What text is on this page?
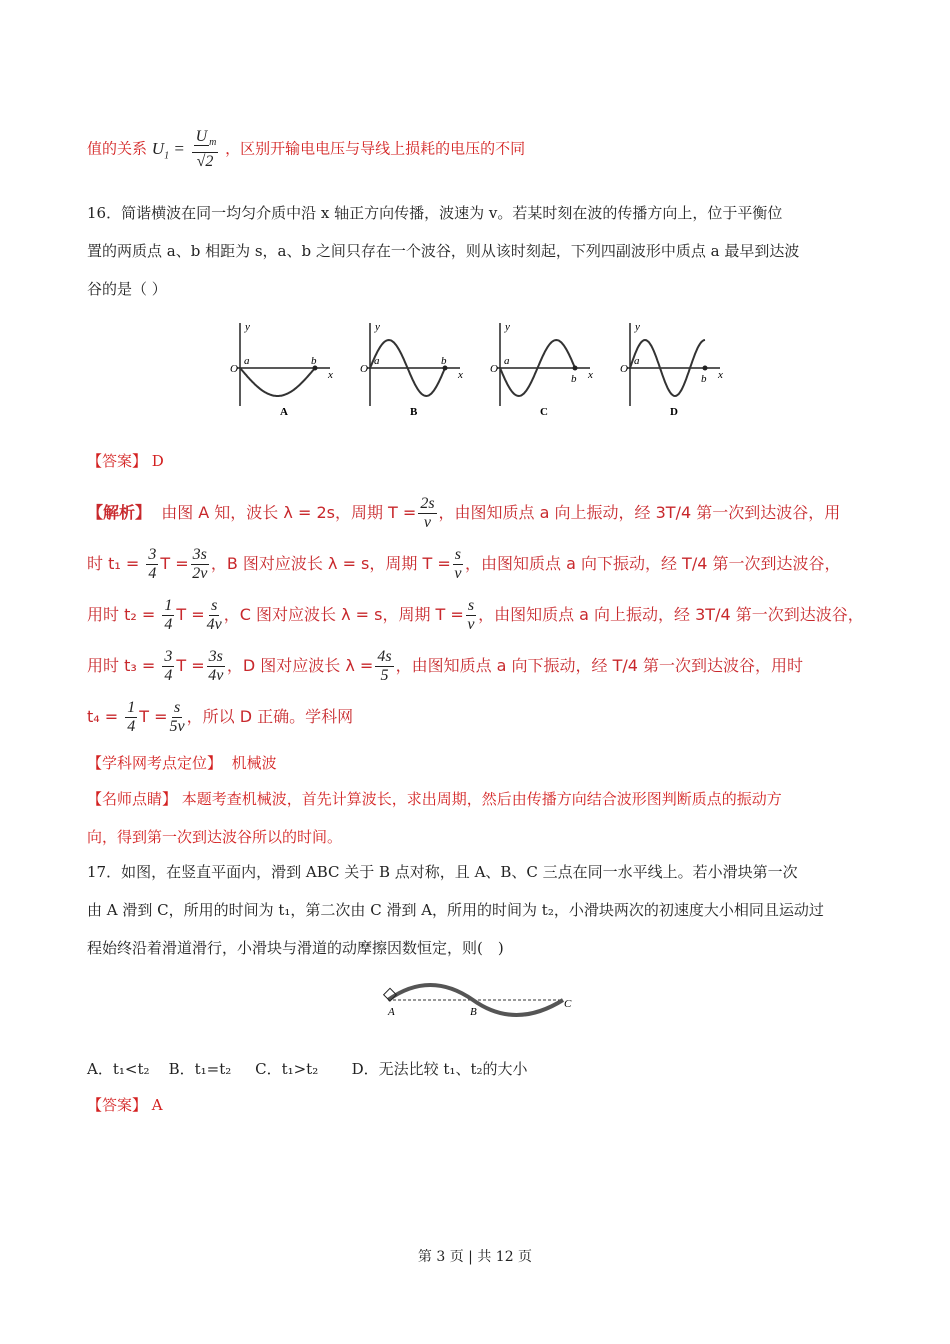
值的关系 $U_1 = \frac{U _m}{√2}$ ，区别开输电电压与导线上损耗的电压的不同
16．简谐横波在同一均匀介质中沿 x 轴正方向传播，波速为 v。若某时刻在波的传播方向上，位于平衡位
置的两质点 a、b 相距为 s，a、b 之间只存在一个波谷，则从该时刻起，下列四副波形中质点 a 最早到达波
谷的是（ ）
O
a	b
x
y
A
O
a	b
x
y
B
O
a
b x
y
C
O
a
b x
y
D
【答案】 D
【解析】 由图 A 知，波长 λ = 2s，周期 $T = \frac{2s}{v}$ ，由图知质点 a 向上振动，经 3T/4 第一次到达波谷，用
时 $t_1 = \frac{3}{4}$ $T = \frac{3s}{2v}$ ，B 图对应波长 λ = s，周期 $T = \frac{s}{v}$ ，由图知质点 a 向下振动，经 T/4 第一次到达波谷，
用时 $t_2 = \frac{1}{4}$ $T = \frac{s}{4v}$ ，C 图对应波长 λ = s，周期 $T = \frac{s}{v}$ ，由图知质点 a 向上振动，经 3T/4 第一次到达波谷，
用时 $t_3 = \frac{3}{4}$ $T = \frac{3s}{4v}$ ，D 图对应波长 $\lambda = \frac{4s}{5}$ ，由图知质点 a 向下振动，经 T/4 第一次到达波谷，用时
$t_4 = \frac{1}{4}$ $T = \frac{s}{5v}$ ，所以 D 正确。学科网
【学科网考点定位】 机械波
【名师点睛】 本题考查机械波，首先计算波长，求出周期，然后由传播方向结合波形图判断质点的振动方
向，得到第一次到达波谷所以的时间。
17．如图，在竖直平面内，滑到 ABC 关于 B 点对称，且 A、B、C 三点在同一水平线上。若小滑块第一次
由 A 滑到 C，所用的时间为 t₁，第二次由 C 滑到 A，所用的时间为 t₂，小滑块两次的初速度大小相同且运动过
程始终沿着滑道滑行，小滑块与滑道的动摩擦因数恒定，则(　)
A	B
C
A．t₁<t₂ B．t₁=t₂ C．t₁>t₂ D．无法比较 t₁、t₂的大小
【答案】 A
第 3 页 | 共 12 页
